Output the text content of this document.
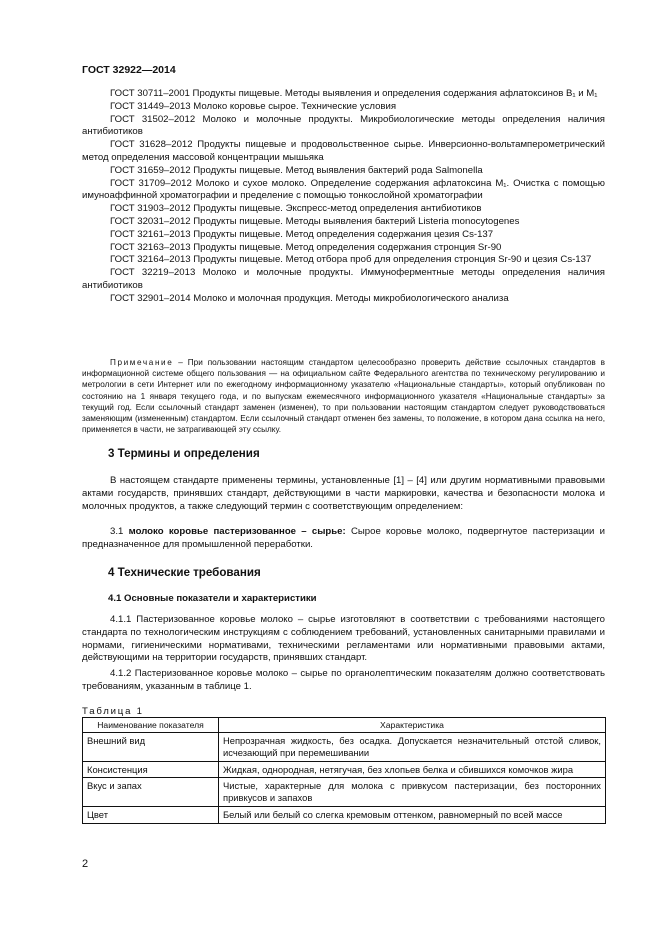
ГОСТ 32922—2014

ГОСТ 30711–2001 Продукты пищевые. Методы выявления и определения содержания афлатоксинов B₁ и M₁

ГОСТ 31449–2013 Молоко коровье сырое. Технические условия

ГОСТ 31502–2012 Молоко и молочные продукты. Микробиологические методы определения наличия антибиотиков

ГОСТ 31628–2012 Продукты пищевые и продовольственное сырье. Инверсионно-вольтамперометрический метод определения массовой концентрации мышьяка

ГОСТ 31659–2012 Продукты пищевые. Метод выявления бактерий рода Salmonella

ГОСТ 31709–2012 Молоко и сухое молоко. Определение содержания афлатоксина M₁. Очистка с помощью имуноаффинной хроматографии и пределение с помощью тонкослойной хроматографии

ГОСТ 31903–2012 Продукты пищевые. Экспресс-метод определения антибиотиков

ГОСТ 32031–2012 Продукты пищевые. Методы выявления бактерий Listeria monocytogenes

ГОСТ 32161–2013 Продукты пищевые. Метод определения содержания цезия Cs-137

ГОСТ 32163–2013 Продукты пищевые. Метод определения содержания стронция Sr-90

ГОСТ 32164–2013 Продукты пищевые. Метод отбора проб для определения стронция Sr-90 и цезия Cs-137

ГОСТ 32219–2013 Молоко и молочные продукты. Иммуноферментные методы определения наличия антибиотиков

ГОСТ 32901–2014 Молоко и молочная продукция. Методы микробиологического анализа

Примечание – При пользовании настоящим стандартом целесообразно проверить действие ссылочных стандартов в информационной системе общего пользования — на официальном сайте Федерального агентства по техническому регулированию и метрологии в сети Интернет или по ежегодному информационному указателю «Национальные стандарты», который опубликован по состоянию на 1 января текущего года, и по выпускам ежемесячного информационного указателя «Национальные стандарты» за текущий год. Если ссылочный стандарт заменен (изменен), то при пользовании настоящим стандартом следует руководствоваться заменяющим (измененным) стандартом. Если ссылочный стандарт отменен без замены, то положение, в котором дана ссылка на него, применяется в части, не затрагивающей эту ссылку.

3 Термины и определения

В настоящем стандарте применены термины, установленные [1] – [4] или другим нормативными правовыми актами государств, принявших стандарт, действующими в части маркировки, качества и безопасности молока и молочных продуктов, а также следующий термин с соответствующим определением:

3.1 молоко коровье пастеризованное – сырье: Сырое коровье молоко, подвергнутое пастеризации и предназначенное для промышленной переработки.

4 Технические требования

4.1 Основные показатели и характеристики

4.1.1 Пастеризованное коровье молоко – сырье изготовляют в соответствии с требованиями настоящего стандарта по технологическим инструкциям с соблюдением требований, установленных санитарными правилами и нормами, гигиеническими нормативами, техническими регламентами или нормативными правовыми актами, действующими на территории государств, принявших стандарт.

4.1.2 Пастеризованное коровье молоко – сырье по органолептическим показателям должно соответствовать требованиям, указанным в таблице 1.

Таблица 1
Наименование показателя	Характеристика
Внешний вид	Непрозрачная жидкость, без осадка. Допускается незначительный отстой сливок, исчезающий при перемешивании
Консистенция	Жидкая, однородная, нетягучая, без хлопьев белка и сбившихся комочков жира
Вкус и запах	Чистые, характерные для молока с привкусом пастеризации, без посторонних привкусов и запахов
Цвет	Белый или белый со слегка кремовым оттенком, равномерный по всей массе
2
